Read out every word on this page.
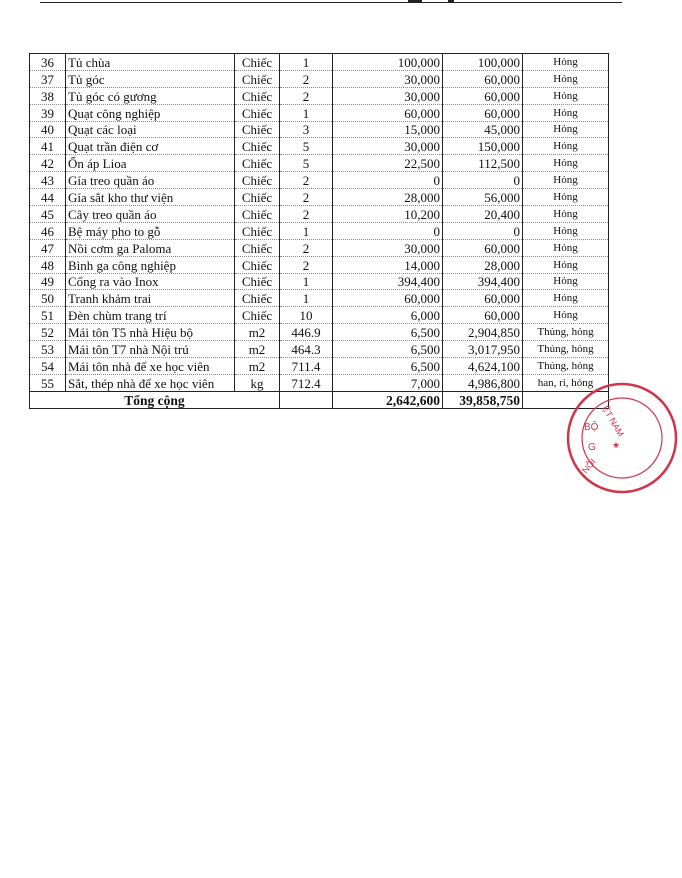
36	Tủ chùa	Chiếc	1	100,000	100,000	Hỏng
37	Tủ góc	Chiếc	2	30,000	60,000	Hỏng
38	Tủ góc có gương	Chiếc	2	30,000	60,000	Hỏng
39	Quạt công nghiệp	Chiếc	1	60,000	60,000	Hỏng
40	Quạt các loại	Chiếc	3	15,000	45,000	Hỏng
41	Quạt trần điện cơ	Chiếc	5	30,000	150,000	Hỏng
42	Ổn áp Lioa	Chiếc	5	22,500	112,500	Hỏng
43	Gía treo quần áo	Chiếc	2	0	0	Hỏng
44	Gía sắt kho thư viện	Chiếc	2	28,000	56,000	Hỏng
45	Cây treo quần áo	Chiếc	2	10,200	20,400	Hỏng
46	Bệ máy pho to gỗ	Chiếc	1	0	0	Hỏng
47	Nồi cơm ga Paloma	Chiếc	2	30,000	60,000	Hỏng
48	Bình ga công nghiệp	Chiếc	2	14,000	28,000	Hỏng
49	Cổng ra vào Inox	Chiếc	1	394,400	394,400	Hỏng
50	Tranh khảm trai	Chiếc	1	60,000	60,000	Hỏng
51	Đèn chùm trang trí	Chiếc	10	6,000	60,000	Hỏng
52	Mái tôn T5 nhà Hiệu bộ	m2	446.9	6,500	2,904,850	Thủng, hỏng
53	Mái tôn T7 nhà Nội trú	m2	464.3	6,500	3,017,950	Thủng, hỏng
54	Mái tôn nhà để xe học viên	m2	711.4	6,500	4,624,100	Thủng, hỏng
55	Sắt, thép nhà để xe học viên	kg	712.4	7,000	4,986,800	han, rỉ, hỏng
Tổng cộng				2,642,600	39,858,750	
ỆT NAM
BỘ
G
NỘI
★
